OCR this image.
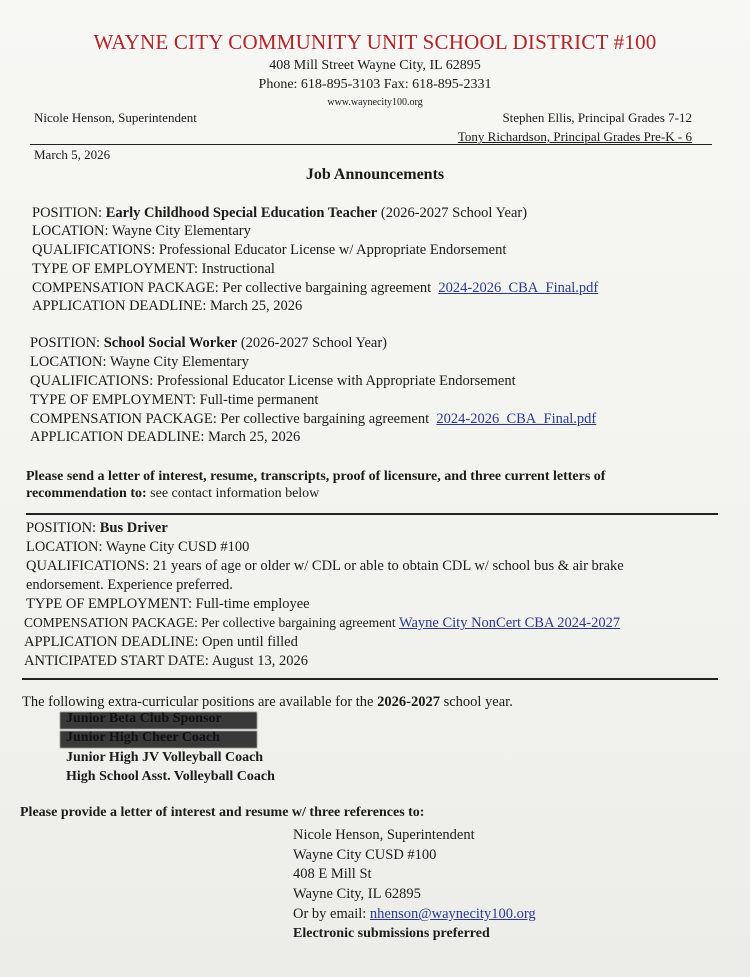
WAYNE CITY COMMUNITY UNIT SCHOOL DISTRICT #100
408 Mill Street Wayne City, IL 62895
Phone: 618-895-3103 Fax: 618-895-2331
www.waynecity100.org
Nicole Henson, Superintendent	Stephen Ellis, Principal Grades 7-12
Tony Richardson, Principal Grades Pre-K - 6
March 5, 2026
Job Announcements
POSITION: Early Childhood Special Education Teacher (2026-2027 School Year)
LOCATION: Wayne City Elementary
QUALIFICATIONS: Professional Educator License w/ Appropriate Endorsement
TYPE OF EMPLOYMENT: Instructional
COMPENSATION PACKAGE: Per collective bargaining agreement 2024-2026_CBA_Final.pdf
APPLICATION DEADLINE: March 25, 2026
POSITION: School Social Worker (2026-2027 School Year)
LOCATION: Wayne City Elementary
QUALIFICATIONS: Professional Educator License with Appropriate Endorsement
TYPE OF EMPLOYMENT: Full-time permanent
COMPENSATION PACKAGE: Per collective bargaining agreement 2024-2026_CBA_Final.pdf
APPLICATION DEADLINE: March 25, 2026
Please send a letter of interest, resume, transcripts, proof of licensure, and three current letters of
recommendation to: see contact information below
POSITION: Bus Driver
LOCATION: Wayne City CUSD #100
QUALIFICATIONS: 21 years of age or older w/ CDL or able to obtain CDL w/ school bus & air brake
endorsement. Experience preferred.
TYPE OF EMPLOYMENT: Full-time employee
COMPENSATION PACKAGE: Per collective bargaining agreement Wayne City NonCert CBA 2024-2027
APPLICATION DEADLINE: Open until filled
ANTICIPATED START DATE: August 13, 2026
The following extra-curricular positions are available for the 2026-2027 school year.
Junior Beta Club Sponsor
Junior High Cheer Coach
Junior High JV Volleyball Coach
High School Asst. Volleyball Coach
Please provide a letter of interest and resume w/ three references to:
Nicole Henson, Superintendent
Wayne City CUSD #100
408 E Mill St
Wayne City, IL 62895
Or by email: nhenson@waynecity100.org
Electronic submissions preferred
